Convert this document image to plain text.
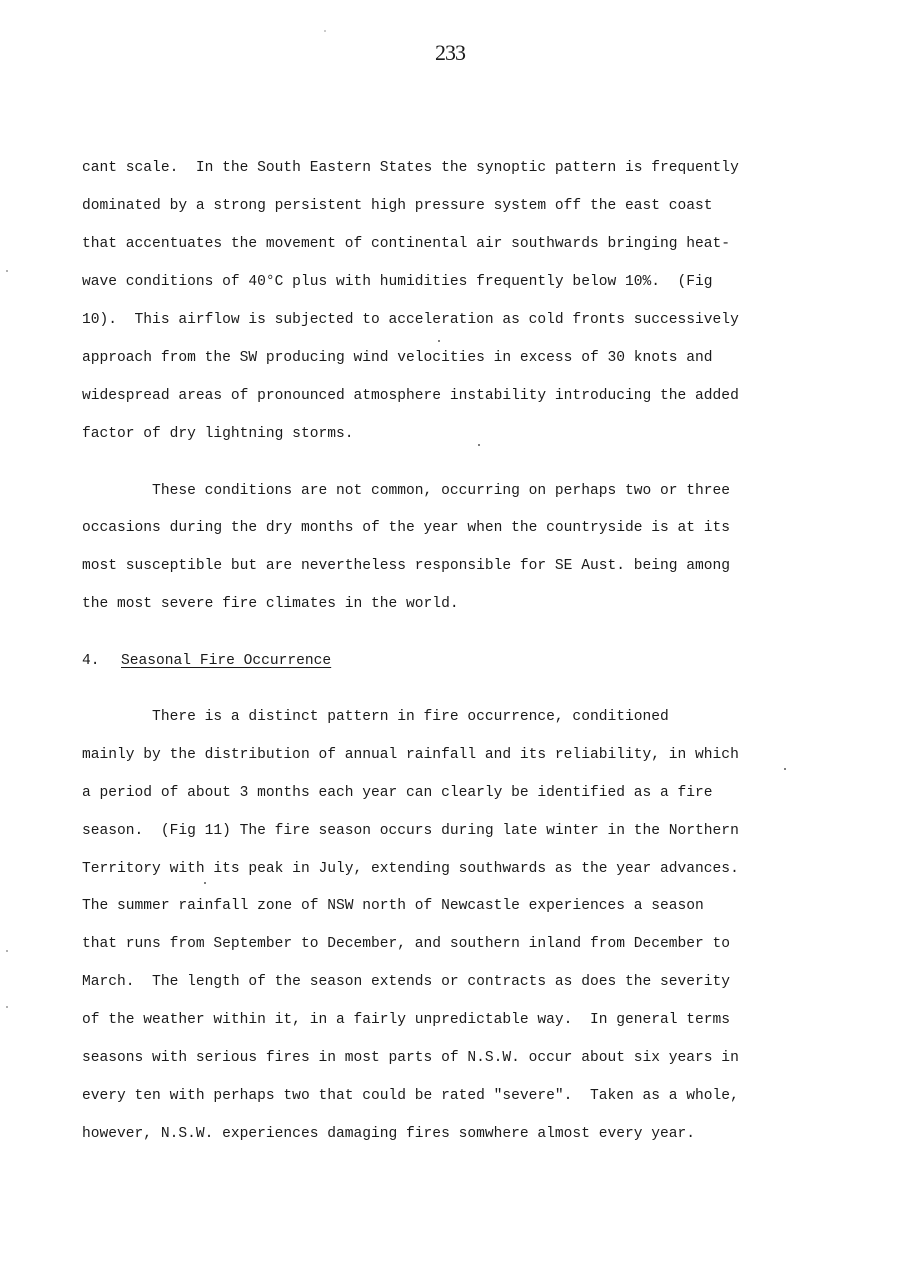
233
cant scale.  In the South Eastern States the synoptic pattern is frequently
dominated by a strong persistent high pressure system off the east coast
that accentuates the movement of continental air southwards bringing heat-
wave conditions of 40°C plus with humidities frequently below 10%.  (Fig
10).  This airflow is subjected to acceleration as cold fronts successively
approach from the SW producing wind velocities in excess of 30 knots and
widespread areas of pronounced atmosphere instability introducing the added
factor of dry lightning storms.
These conditions are not common, occurring on perhaps two or three
occasions during the dry months of the year when the countryside is at its
most susceptible but are nevertheless responsible for SE Aust. being among
the most severe fire climates in the world.
4. Seasonal Fire Occurrence
There is a distinct pattern in fire occurrence, conditioned
mainly by the distribution of annual rainfall and its reliability, in which
a period of about 3 months each year can clearly be identified as a fire
season.  (Fig 11) The fire season occurs during late winter in the Northern
Territory with its peak in July, extending southwards as the year advances.
The summer rainfall zone of NSW north of Newcastle experiences a season
that runs from September to December, and southern inland from December to
March.  The length of the season extends or contracts as does the severity
of the weather within it, in a fairly unpredictable way.  In general terms
seasons with serious fires in most parts of N.S.W. occur about six years in
every ten with perhaps two that could be rated "severe".  Taken as a whole,
however, N.S.W. experiences damaging fires somwhere almost every year.
